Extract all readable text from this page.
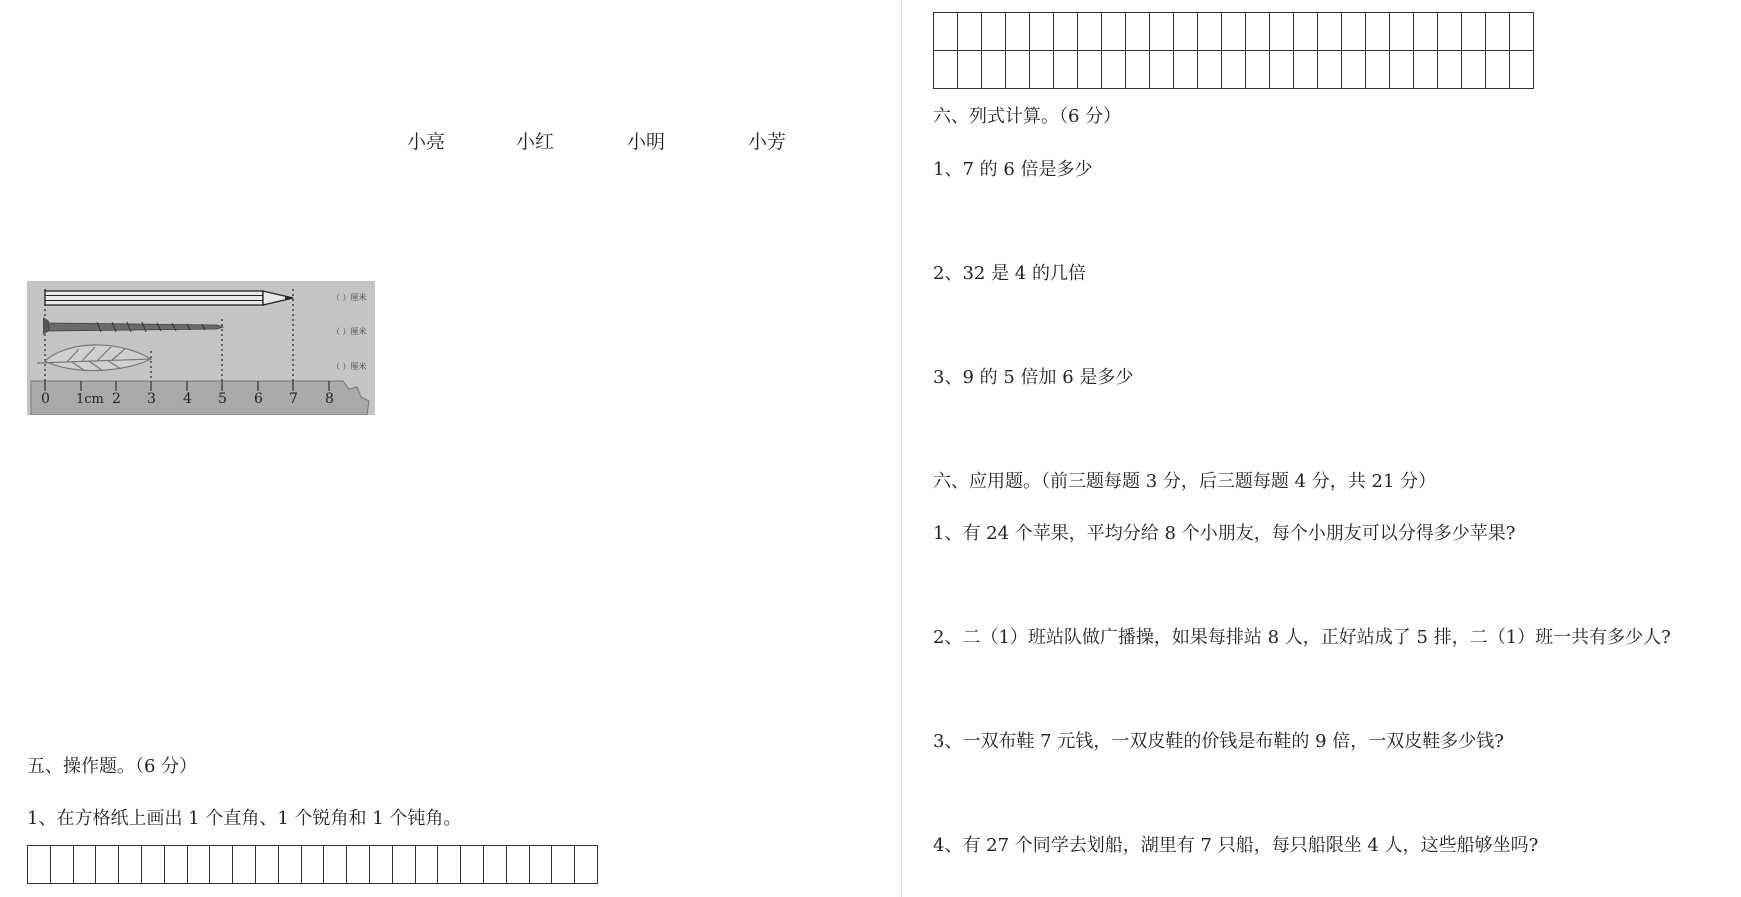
小亮	小红	小明	小芳
0 1cm 2 3 4 5 6 7 8
（ ）厘米
（ ）厘米
（ ）厘米
五、操作题。（6 分）
1、在方格纸上画出 1 个直角、1 个锐角和 1 个钝角。

六、列式计算。（6 分）
1、7 的 6 倍是多少
2、32 是 4 的几倍
3、9 的 5 倍加 6 是多少
六、应用题。（前三题每题 3 分，后三题每题 4 分，共 21 分）
1、有 24 个苹果，平均分给 8 个小朋友，每个小朋友可以分得多少苹果?
2、二（1）班站队做广播操，如果每排站 8 人，正好站成了 5 排，二（1）班一共有多少人?
3、一双布鞋 7 元钱，一双皮鞋的价钱是布鞋的 9 倍，一双皮鞋多少钱?
4、有 27 个同学去划船，湖里有 7 只船，每只船限坐 4 人，这些船够坐吗?
